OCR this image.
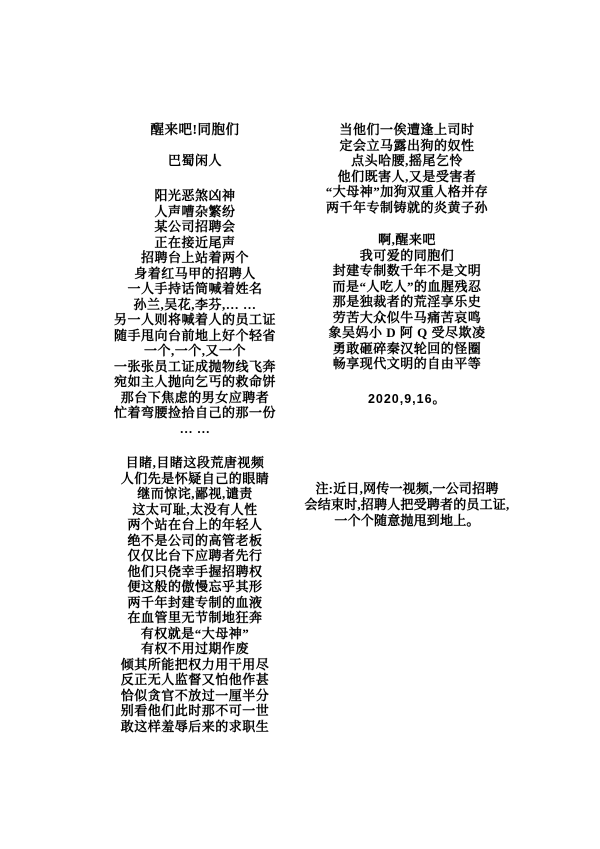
醒来吧!同胞们
巴蜀闲人
阳光恶煞凶神
人声嘈杂繁纷
某公司招聘会
正在接近尾声
招聘台上站着两个
身着红马甲的招聘人
一人手持话筒喊着姓名
孙兰,吴花,李芬,… …
另一人则将喊着人的员工证
随手甩向台前地上好个轻省
一个,一个,又一个
一张张员工证成抛物线飞奔
宛如主人抛向乞丐的救命饼
那台下焦虑的男女应聘者
忙着弯腰捡拾自己的那一份
… …
目睹,目睹这段荒唐视频
人们先是怀疑自己的眼睛
继而惊诧,鄙视,谴责
这太可耻,太没有人性
两个站在台上的年轻人
绝不是公司的高管老板
仅仅比台下应聘者先行
他们只侥幸手握招聘权
便这般的傲慢忘乎其形
两千年封建专制的血液
在血管里无节制地狂奔
有权就是“大母神”
有权不用过期作废
倾其所能把权力用干用尽
反正无人监督又怕他作甚
恰似贪官不放过一厘半分
别看他们此时那不可一世
敢这样羞辱后来的求职生
当他们一俟遭逢上司时
定会立马露出狗的奴性
点头哈腰,摇尾乞怜
他们既害人,又是受害者
“大母神”加狗双重人格并存
两千年专制铸就的炎黄子孙
啊,醒来吧
我可爱的同胞们
封建专制数千年不是文明
而是“人吃人”的血腥残忍
那是独裁者的荒淫享乐史
劳苦大众似牛马痛苦哀鸣
象吴妈小 D 阿 Q 受尽欺凌
勇敢砸碎秦汉轮回的怪圈
畅享现代文明的自由平等
2020,9,16。
注:近日,网传一视频,一公司招聘
会结束时,招聘人把受聘者的员工证,
一个个随意抛甩到地上。
